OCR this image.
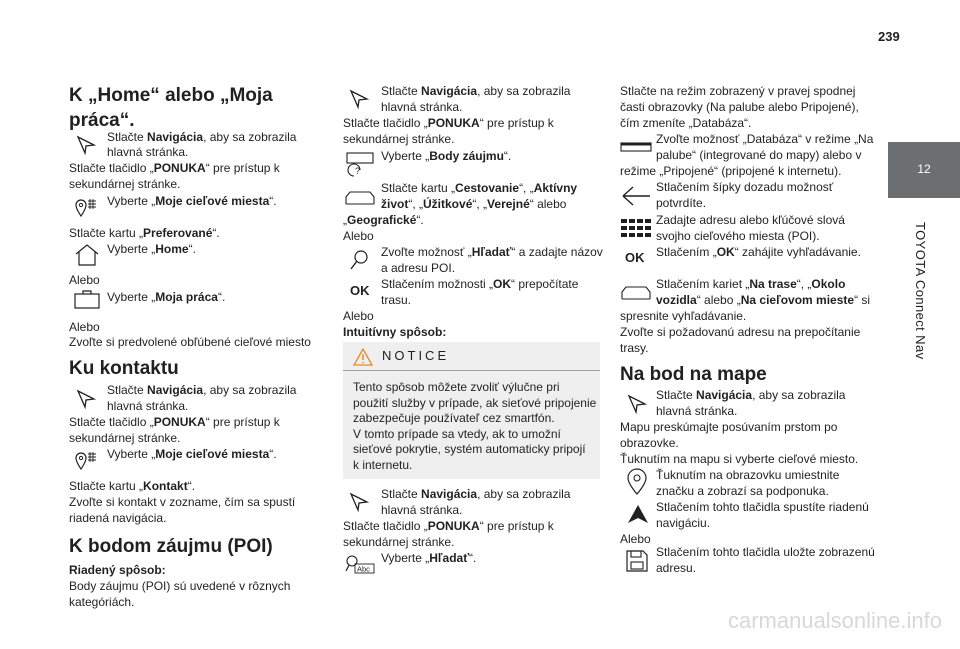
239
12
TOYOTA Connect Nav
K „Home“ alebo „Moja
práca“.
Stlačte Navigácia, aby sa zobrazila
hlavná stránka.
Stlačte tlačidlo „PONUKA“ pre prístup k
sekundárnej stránke.
Vyberte „Moje cieľové miesta“.
Stlačte kartu „Preferované“.
Vyberte „Home“.
Alebo
Vyberte „Moja práca“.
Alebo
Zvoľte si predvolené obľúbené cieľové miesto
Ku kontaktu
Stlačte Navigácia, aby sa zobrazila
hlavná stránka.
Stlačte tlačidlo „PONUKA“ pre prístup k
sekundárnej stránke.
Vyberte „Moje cieľové miesta“.
Stlačte kartu „Kontakt“.
Zvoľte si kontakt v zozname, čím sa spustí
riadená navigácia.
K bodom záujmu (POI)
Riadený spôsob:
Body záujmu (POI) sú uvedené v rôznych
kategóriách.
Stlačte Navigácia, aby sa zobrazila
hlavná stránka.
Stlačte tlačidlo „PONUKA“ pre prístup k
sekundárnej stránke.
?
Vyberte „Body záujmu“.
Stlačte kartu „Cestovanie“, „Aktívny
život“, „Úžitkové“, „Verejné“ alebo
„Geografické“.
Alebo
Zvoľte možnosť „Hľadať“ a zadajte názov
a adresu POI.
OK Stlačením možnosti „OK“ prepočítate
trasu.
Alebo
Intuitívny spôsob:
NOTICE
Tento spôsob môžete zvoliť výlučne pri
použití služby v prípade, ak sieťové pripojenie
zabezpečuje používateľ cez smartfón.
V tomto prípade sa vtedy, ak to umožní
sieťové pokrytie, systém automaticky pripojí
k internetu.
Stlačte Navigácia, aby sa zobrazila
hlavná stránka.
Stlačte tlačidlo „PONUKA“ pre prístup k
sekundárnej stránke.
Abc
Vyberte „Hľadať“.
Stlačte na režim zobrazený v pravej spodnej
časti obrazovky (Na palube alebo Pripojené),
čím zmeníte „Databáza“.
Zvoľte možnosť „Databáza“ v režime „Na
palube“ (integrované do mapy) alebo v
režime „Pripojené“ (pripojené k internetu).
Stlačením šípky dozadu možnosť
potvrdíte.
Zadajte adresu alebo kľúčové slová
svojho cieľového miesta (POI).
OK Stlačením „OK“ zahájite vyhľadávanie.
Stlačením kariet „Na trase“, „Okolo
vozidla“ alebo „Na cieľovom mieste“ si
spresnite vyhľadávanie.
Zvoľte si požadovanú adresu na prepočítanie
trasy.
Na bod na mape
Stlačte Navigácia, aby sa zobrazila
hlavná stránka.
Mapu preskúmajte posúvaním prstom po
obrazovke.
Ťuknutím na mapu si vyberte cieľové miesto.
Ťuknutím na obrazovku umiestnite
značku a zobrazí sa podponuka.
Stlačením tohto tlačidla spustíte riadenú
navigáciu.
Alebo
Stlačením tohto tlačidla uložte zobrazenú
adresu.
carmanualsonline.info
